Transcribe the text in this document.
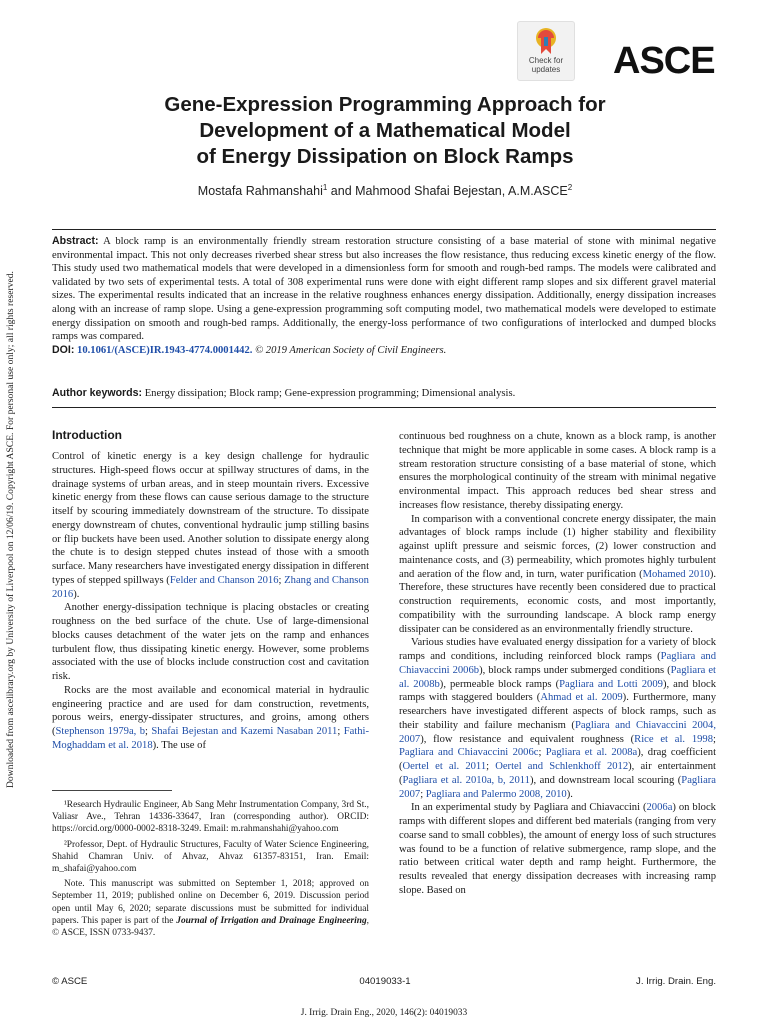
Downloaded from ascelibrary.org by University of Liverpool on 12/06/19. Copyright ASCE. For personal use only; all rights reserved.
Check for
updates	ASCE
Gene-Expression Programming Approach for
Development of a Mathematical Model
of Energy Dissipation on Block Ramps
Mostafa Rahmanshahi$^1$ and Mahmood Shafai Bejestan, A.M.ASCE$^2$

Abstract: A block ramp is an environmentally friendly stream restoration structure consisting of a base material of stone with minimal negative environmental impact. This not only decreases riverbed shear stress but also increases the flow resistance, thus reducing excess kinetic energy of the flow. This study used two mathematical models that were developed in a dimensionless form for smooth and rough-bed ramps. The models were calibrated and validated by two sets of experimental tests. A total of 308 experimental runs were done with eight different ramp slopes and six different gravel material sizes. The experimental results indicated that an increase in the relative roughness enhances energy dissipation. Additionally, energy dissipation increases along with an increase of ramp slope. Using a gene-expression programming soft computing model, two mathematical models were developed to estimate energy dissipation on smooth and rough-bed ramps. Additionally, the energy-loss performance of two configurations of interlocked and dumped blocks ramps was compared.
DOI: 10.1061/(ASCE)IR.1943-4774.0001442. © 2019 American Society of Civil Engineers.

Author keywords: Energy dissipation; Block ramp; Gene-expression programming; Dimensional analysis.

Introduction

Control of kinetic energy is a key design challenge for hydraulic structures. High-speed flows occur at spillway structures of dams, in the drainage systems of urban areas, and in steep mountain rivers. Excessive kinetic energy from these flows can cause serious damage to the structure itself by scouring immediately downstream of the structure. To dissipate energy downstream of chutes, conventional hydraulic jump stilling basins or flip buckets have been used. Another solution to dissipate energy along the chute is to design stepped chutes instead of those with a smooth surface. Many researchers have investigated energy dissipation in different types of stepped spillways (Felder and Chanson 2016; Zhang and Chanson 2016).

Another energy-dissipation technique is placing obstacles or creating roughness on the bed surface of the chute. Use of large-dimensional blocks causes detachment of the water jets on the ramp and enhances turbulent flow, thus dissipating kinetic energy. However, some problems associated with the use of blocks include construction cost and cavitation risk.

Rocks are the most available and economical material in hydraulic engineering practice and are used for dam construction, revetments, porous weirs, energy-dissipater structures, and groins, among others (Stephenson 1979a, b; Shafai Bejestan and Kazemi Nasaban 2011; Fathi-Moghaddam et al. 2018). The use of

¹Research Hydraulic Engineer, Ab Sang Mehr Instrumentation Company, 3rd St., Valiasr Ave., Tehran 14336-33647, Iran (corresponding author). ORCID: https://orcid.org/0000-0002-8318-3249. Email: m.rahmanshahi@yahoo.com

²Professor, Dept. of Hydraulic Structures, Faculty of Water Science Engineering, Shahid Chamran Univ. of Ahvaz, Ahvaz 61357-83151, Iran. Email: m_shafai@yahoo.com

Note. This manuscript was submitted on September 1, 2018; approved on September 11, 2019; published online on December 6, 2019. Discussion period open until May 6, 2020; separate discussions must be submitted for individual papers. This paper is part of the Journal of Irrigation and Drainage Engineering, © ASCE, ISSN 0733-9437.

continuous bed roughness on a chute, known as a block ramp, is another technique that might be more applicable in some cases. A block ramp is a stream restoration structure consisting of a base material of stone, which ensures the morphological continuity of the stream with minimal negative environmental impact. This approach reduces bed shear stress and increases flow resistance, thereby dissipating energy.

In comparison with a conventional concrete energy dissipater, the main advantages of block ramps include (1) higher stability and flexibility against uplift pressure and seismic forces, (2) lower construction and maintenance costs, and (3) permeability, which promotes highly turbulent and aeration of the flow and, in turn, water purification (Mohamed 2010). Therefore, these structures have recently been considered due to practical construction requirements, economic costs, and most importantly, compatibility with the surrounding landscape. A block ramp energy dissipater can be considered as an environmentally friendly structure.

Various studies have evaluated energy dissipation for a variety of block ramps and conditions, including reinforced block ramps (Pagliara and Chiavaccini 2006b), block ramps under submerged conditions (Pagliara et al. 2008b), permeable block ramps (Pagliara and Lotti 2009), and block ramps with staggered boulders (Ahmad et al. 2009). Furthermore, many researchers have investigated different aspects of block ramps, such as their stability and failure mechanism (Pagliara and Chiavaccini 2004, 2007), flow resistance and equivalent roughness (Rice et al. 1998; Pagliara and Chiavaccini 2006c; Pagliara et al. 2008a), drag coefficient (Oertel et al. 2011; Oertel and Schlenkhoff 2012), air entertainment (Pagliara et al. 2010a, b, 2011), and downstream local scouring (Pagliara 2007; Pagliara and Palermo 2008, 2010).

In an experimental study by Pagliara and Chiavaccini (2006a) on block ramps with different slopes and different bed materials (ranging from very coarse sand to small cobbles), the amount of energy loss of such structures was found to be a function of relative submergence, ramp slope, and the ratio between critical water depth and ramp height. Furthermore, the results revealed that energy dissipation decreases with increasing ramp slope. Based on

© ASCE	04019033-1	J. Irrig. Drain. Eng.
J. Irrig. Drain Eng., 2020, 146(2): 04019033
